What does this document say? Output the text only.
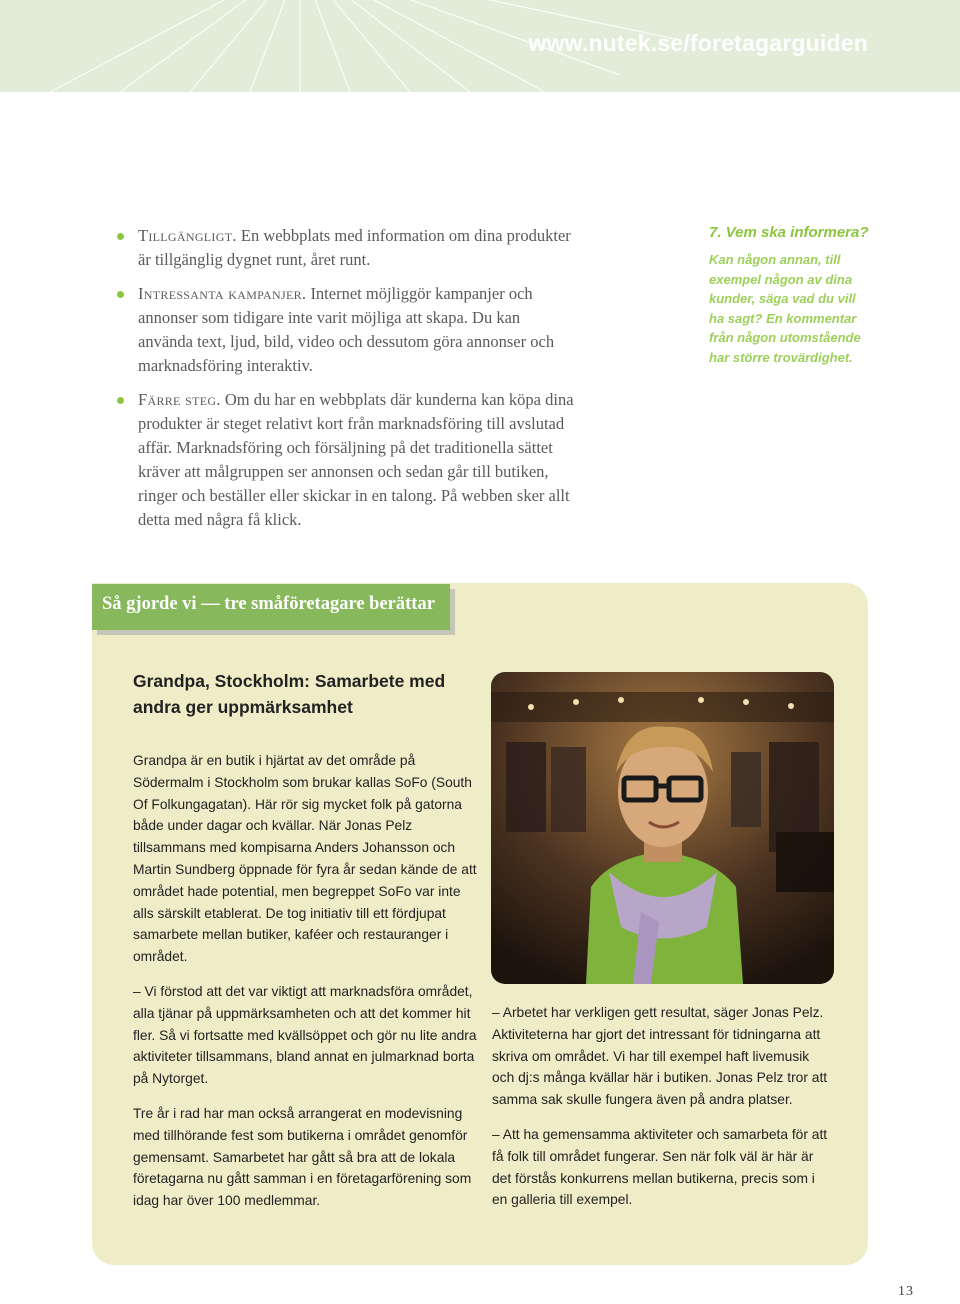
www.nutek.se/foretagarguiden
Tillgängligt. En webbplats med information om dina produkter är tillgänglig dygnet runt, året runt.
Intressanta kampanjer. Internet möjliggör kampanjer och annonser som tidigare inte varit möjliga att skapa. Du kan använda text, ljud, bild, video och dessutom göra annonser och marknadsföring interaktiv.
Färre steg. Om du har en webbplats där kunderna kan köpa dina produkter är steget relativt kort från marknadsföring till avslutad affär. Marknadsföring och försäljning på det traditionella sättet kräver att målgruppen ser annonsen och sedan går till butiken, ringer och beställer eller skickar in en talong. På webben sker allt detta med några få klick.
7. Vem ska informera?
Kan någon annan, till exempel någon av dina kunder, säga vad du vill ha sagt? En kommentar från någon utomstående har större trovärdighet.
Så gjorde vi — tre småföretagare berättar
Grandpa, Stockholm: Samarbete med andra ger uppmärksamhet

Grandpa är en butik i hjärtat av det område på Södermalm i Stockholm som brukar kallas SoFo (South Of Folkungagatan). Här rör sig mycket folk på gatorna både under dagar och kvällar. När Jonas Pelz tillsammans med kompisarna Anders Johansson och Martin Sundberg öppnade för fyra år sedan kände de att området hade potential, men begreppet SoFo var inte alls särskilt etablerat. De tog initiativ till ett fördjupat samarbete mellan butiker, kaféer och restauranger i området.

– Vi förstod att det var viktigt att marknadsföra området, alla tjänar på uppmärksamheten och att det kommer hit fler. Så vi fortsatte med kvällsöppet och gör nu lite andra aktiviteter tillsammans, bland annat en julmarknad borta på Nytorget.

Tre år i rad har man också arrangerat en modevisning med tillhörande fest som butikerna i området genomför gemensamt. Samarbetet har gått så bra att de lokala företagarna nu gått samman i en företagarförening som idag har över 100 medlemmar.

– Arbetet har verkligen gett resultat, säger Jonas Pelz. Aktiviteterna har gjort det intressant för tidningarna att skriva om området. Vi har till exempel haft livemusik och dj:s många kvällar här i butiken. Jonas Pelz tror att samma sak skulle fungera även på andra platser.

– Att ha gemensamma aktiviteter och samarbeta för att få folk till området fungerar. Sen när folk väl är här är det förstås konkurrens mellan butikerna, precis som i en galleria till exempel.

13
